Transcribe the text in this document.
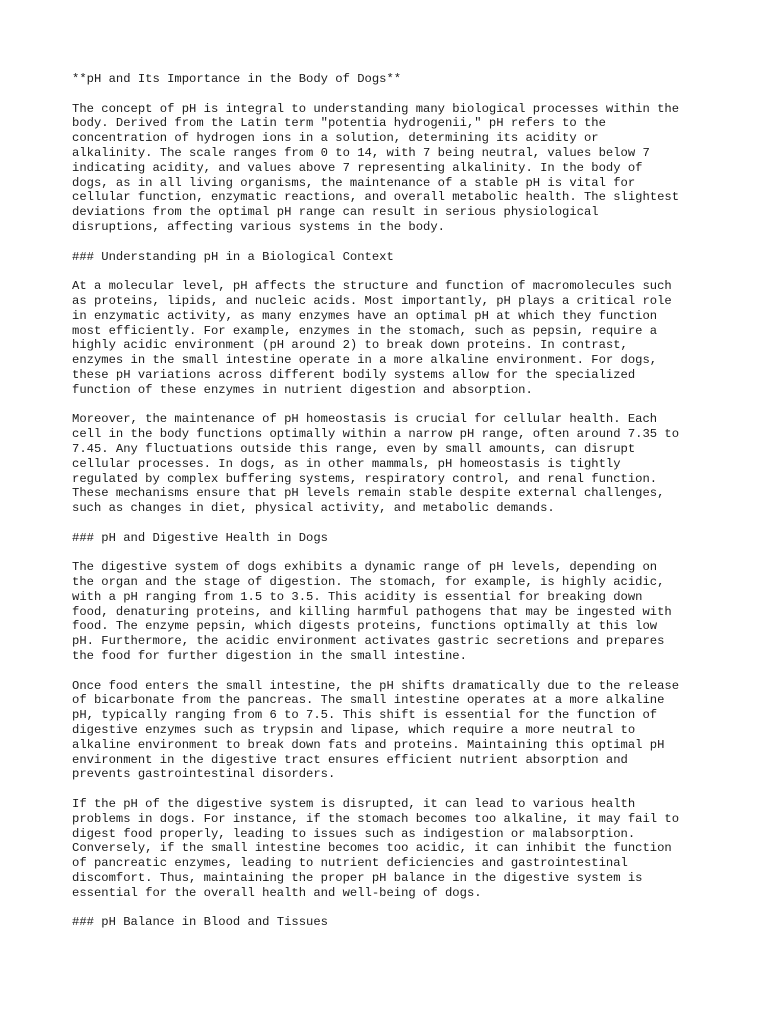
**pH and Its Importance in the Body of Dogs**
The concept of pH is integral to understanding many biological processes within the
body. Derived from the Latin term "potentia hydrogenii," pH refers to the
concentration of hydrogen ions in a solution, determining its acidity or
alkalinity. The scale ranges from 0 to 14, with 7 being neutral, values below 7
indicating acidity, and values above 7 representing alkalinity. In the body of
dogs, as in all living organisms, the maintenance of a stable pH is vital for
cellular function, enzymatic reactions, and overall metabolic health. The slightest
deviations from the optimal pH range can result in serious physiological
disruptions, affecting various systems in the body.
### Understanding pH in a Biological Context
At a molecular level, pH affects the structure and function of macromolecules such
as proteins, lipids, and nucleic acids. Most importantly, pH plays a critical role
in enzymatic activity, as many enzymes have an optimal pH at which they function
most efficiently. For example, enzymes in the stomach, such as pepsin, require a
highly acidic environment (pH around 2) to break down proteins. In contrast,
enzymes in the small intestine operate in a more alkaline environment. For dogs,
these pH variations across different bodily systems allow for the specialized
function of these enzymes in nutrient digestion and absorption.
Moreover, the maintenance of pH homeostasis is crucial for cellular health. Each
cell in the body functions optimally within a narrow pH range, often around 7.35 to
7.45. Any fluctuations outside this range, even by small amounts, can disrupt
cellular processes. In dogs, as in other mammals, pH homeostasis is tightly
regulated by complex buffering systems, respiratory control, and renal function.
These mechanisms ensure that pH levels remain stable despite external challenges,
such as changes in diet, physical activity, and metabolic demands.
### pH and Digestive Health in Dogs
The digestive system of dogs exhibits a dynamic range of pH levels, depending on
the organ and the stage of digestion. The stomach, for example, is highly acidic,
with a pH ranging from 1.5 to 3.5. This acidity is essential for breaking down
food, denaturing proteins, and killing harmful pathogens that may be ingested with
food. The enzyme pepsin, which digests proteins, functions optimally at this low
pH. Furthermore, the acidic environment activates gastric secretions and prepares
the food for further digestion in the small intestine.
Once food enters the small intestine, the pH shifts dramatically due to the release
of bicarbonate from the pancreas. The small intestine operates at a more alkaline
pH, typically ranging from 6 to 7.5. This shift is essential for the function of
digestive enzymes such as trypsin and lipase, which require a more neutral to
alkaline environment to break down fats and proteins. Maintaining this optimal pH
environment in the digestive tract ensures efficient nutrient absorption and
prevents gastrointestinal disorders.
If the pH of the digestive system is disrupted, it can lead to various health
problems in dogs. For instance, if the stomach becomes too alkaline, it may fail to
digest food properly, leading to issues such as indigestion or malabsorption.
Conversely, if the small intestine becomes too acidic, it can inhibit the function
of pancreatic enzymes, leading to nutrient deficiencies and gastrointestinal
discomfort. Thus, maintaining the proper pH balance in the digestive system is
essential for the overall health and well-being of dogs.
### pH Balance in Blood and Tissues
